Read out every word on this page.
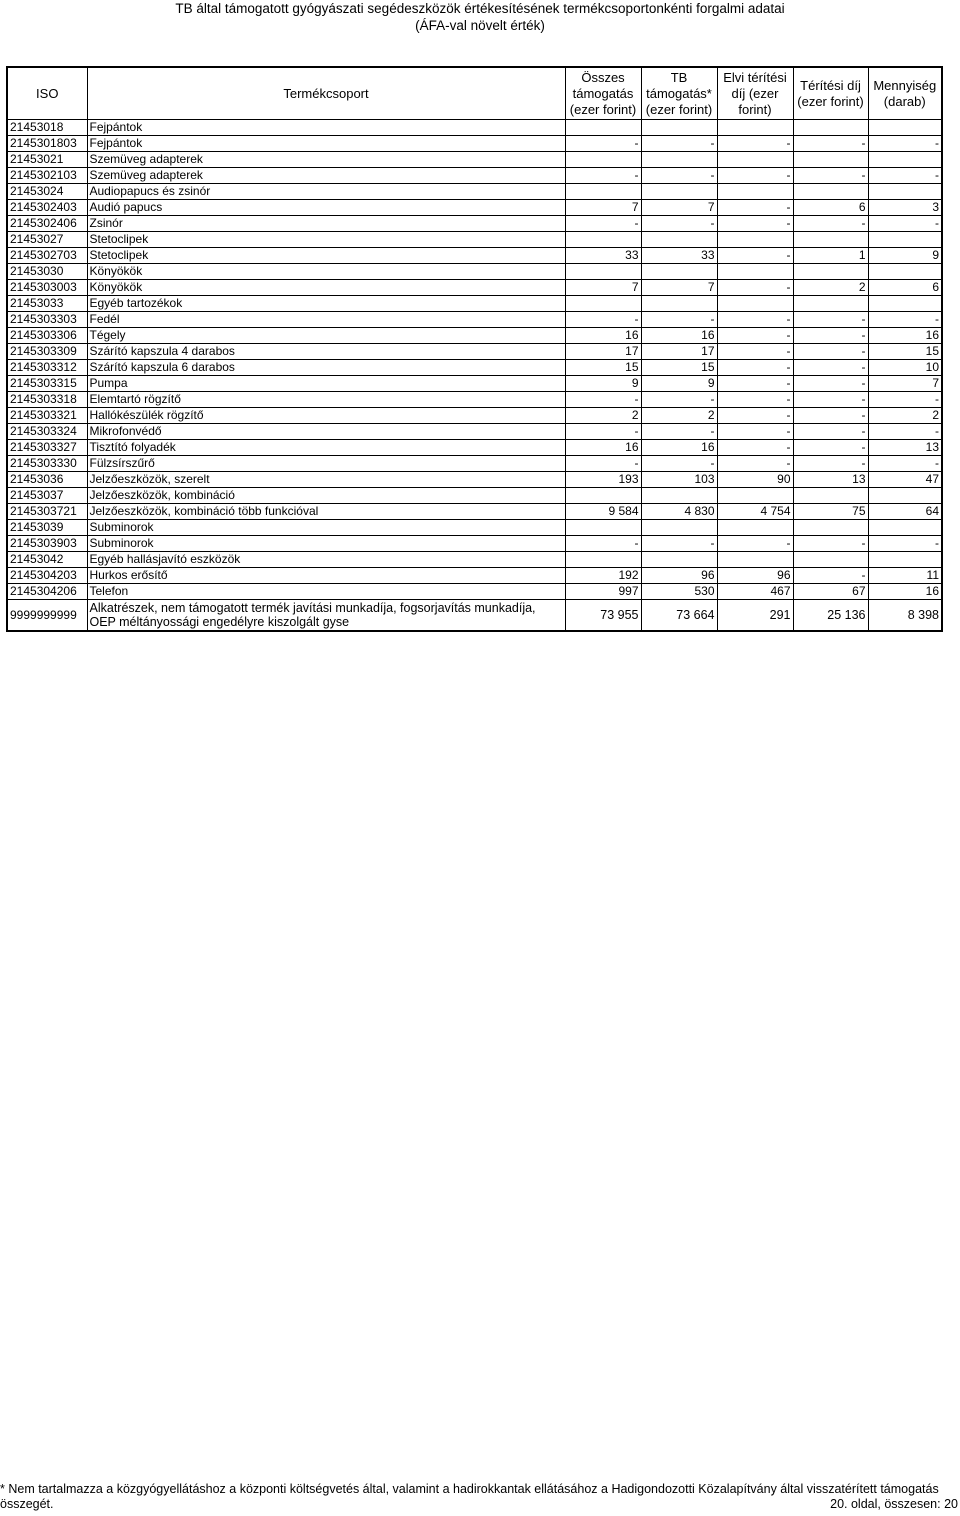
TB által támogatott gyógyászati segédeszközök értékesítésének termékcsoportonkénti forgalmi adatai
(ÁFA-val növelt érték)
ISO	Termékcsoport	Összes támogatás (ezer forint)	TB támogatás* (ezer forint)	Elvi térítési díj (ezer forint)	Térítési díj (ezer forint)	Mennyiség (darab)
21453018	Fejpántok					
2145301803	Fejpántok	-	-	-	-	-
21453021	Szemüveg adapterek					
2145302103	Szemüveg adapterek	-	-	-	-	-
21453024	Audiopapucs és zsinór					
2145302403	Audió papucs	7	7	-	6	3
2145302406	Zsinór	-	-	-	-	-
21453027	Stetoclipek					
2145302703	Stetoclipek	33	33	-	1	9
21453030	Könyökök					
2145303003	Könyökök	7	7	-	2	6
21453033	Egyéb tartozékok					
2145303303	Fedél	-	-	-	-	-
2145303306	Tégely	16	16	-	-	16
2145303309	Szárító kapszula 4 darabos	17	17	-	-	15
2145303312	Szárító kapszula 6 darabos	15	15	-	-	10
2145303315	Pumpa	9	9	-	-	7
2145303318	Elemtartó rögzítő	-	-	-	-	-
2145303321	Hallókészülék rögzítő	2	2	-	-	2
2145303324	Mikrofonvédő	-	-	-	-	-
2145303327	Tisztító folyadék	16	16	-	-	13
2145303330	Fülzsírszűrő	-	-	-	-	-
21453036	Jelzőeszközök, szerelt	193	103	90	13	47
21453037	Jelzőeszközök, kombináció					
2145303721	Jelzőeszközök, kombináció több funkcióval	9 584	4 830	4 754	75	64
21453039	Subminorok					
2145303903	Subminorok	-	-	-	-	-
21453042	Egyéb hallásjavító eszközök					
2145304203	Hurkos erősítő	192	96	96	-	11
2145304206	Telefon	997	530	467	67	16
9999999999	Alkatrészek, nem támogatott termék javítási munkadíja, fogsorjavítás munkadíja, OEP méltányossági engedélyre kiszolgált gyse	73 955	73 664	291	25 136	8 398
* Nem tartalmazza a közgyógyellátáshoz a központi költségvetés által, valamint a hadirokkantak ellátásához a Hadigondozotti Közalapítvány által visszatérített támogatás összegét.	20. oldal, összesen: 20
